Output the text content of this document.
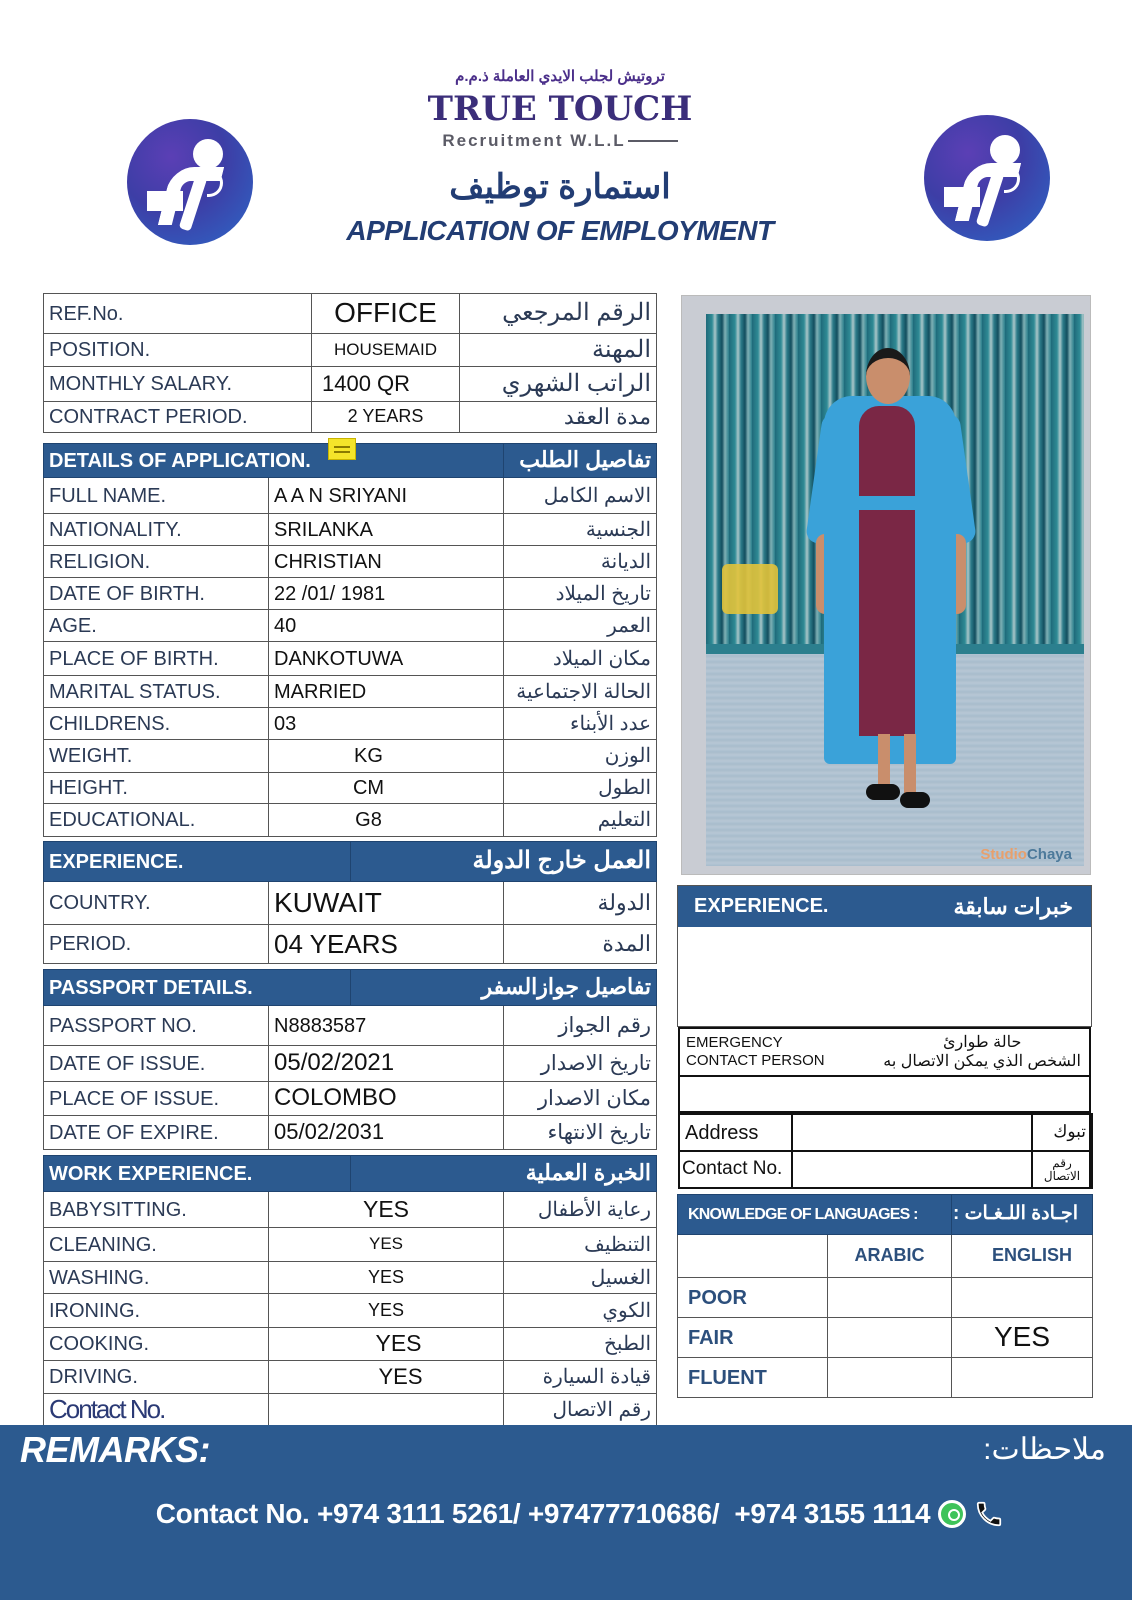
تروتيش لجلب الايدي العاملة ذ.م.م
TRUE TOUCH
Recruitment W.L.L
استمارة توظيف
APPLICATION OF EMPLOYMENT
REF.No.	OFFICE	الرقم المرجعي
POSITION.	HOUSEMAID	المهنة
MONTHLY SALARY.	1400 QR	الراتب الشهري
CONTRACT PERIOD.	2 YEARS	مدة العقد
DETAILS OF APPLICATION.		تفاصيل الطلب
FULL NAME.	A A N SRIYANI	الاسم الكامل
NATIONALITY.	SRILANKA	الجنسية
RELIGION.	CHRISTIAN	الديانة
DATE OF BIRTH.	22 /01/ 1981	تاريخ الميلاد
AGE.	40	العمر
PLACE OF BIRTH.	DANKOTUWA	مكان الميلاد
MARITAL STATUS.	MARRIED	الحالة الاجتماعية
CHILDRENS.	03	عدد الأبناء
WEIGHT.	KG	الوزن
HEIGHT.	CM	الطول
EDUCATIONAL.	G8	التعليم
EXPERIENCE.		العمل خارج الدولة	
COUNTRY.	KUWAIT		الدولة
PERIOD.	04 YEARS		المدة
PASSPORT DETAILS.		تفاصيل جوازالسفر	
PASSPORT NO.	N8883587		رقم الجواز
DATE OF ISSUE.	05/02/2021		تاريخ الاصدار
PLACE OF ISSUE.	COLOMBO		مكان الاصدار
DATE OF EXPIRE.	05/02/2031		تاريخ الانتهاء
WORK EXPERIENCE.		الخبرة العملية	
BABYSITTING.	YES		رعاية الأطفال
CLEANING.	YES		التنظيف
WASHING.	YES		الغسيل
IRONING.	YES		الكوي
COOKING.	YES		الطبخ
DRIVING.	YES		قيادة السيارة
Contact No.			رقم الاتصال
StudioChaya
EXPERIENCE.	خبرات سابقة
EMERGENCY
CONTACT PERSON
حالة طوارئ
الشخص الذي يمكن الاتصال به
Address		تبوك
Contact No.		رقم الاتصال
KNOWLEDGE OF LANGUAGES :		اجـادة اللـغـات :
	ARABIC	ENGLISH
POOR		
FAIR		YES
FLUENT		
REMARKS:	ملاحظات:
Contact No. +974 3111 5261/ +97477710686/  +974 3155 1114
